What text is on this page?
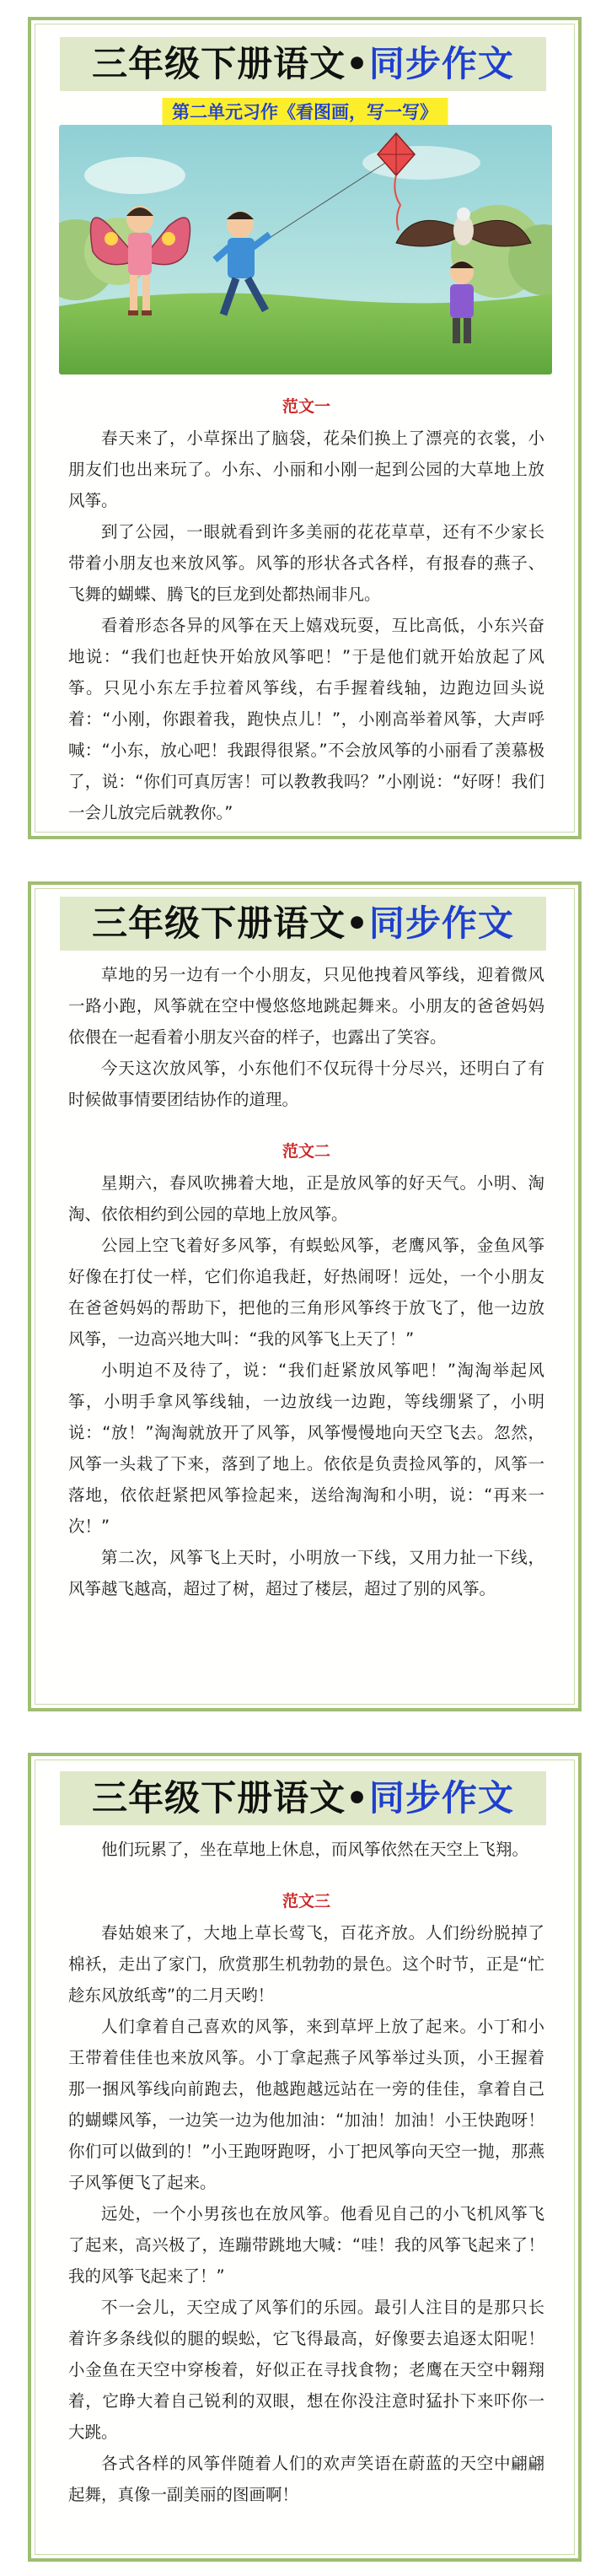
三年级下册语文•同步作文
第二单元习作《看图画，写一写》

范文一

春天来了，小草探出了脑袋，花朵们换上了漂亮的衣裳，小朋友们也出来玩了。小东、小丽和小刚一起到公园的大草地上放风筝。

到了公园，一眼就看到许多美丽的花花草草，还有不少家长带着小朋友也来放风筝。风筝的形状各式各样，有报春的燕子、飞舞的蝴蝶、腾飞的巨龙到处都热闹非凡。

看着形态各异的风筝在天上嬉戏玩耍，互比高低，小东兴奋地说：“我们也赶快开始放风筝吧！”于是他们就开始放起了风筝。只见小东左手拉着风筝线，右手握着线轴，边跑边回头说着：“小刚，你跟着我，跑快点儿！”，小刚高举着风筝，大声呼喊：“小东，放心吧！我跟得很紧。”不会放风筝的小丽看了羡慕极了，说：“你们可真厉害！可以教教我吗？”小刚说：“好呀！我们一会儿放完后就教你。”

三年级下册语文•同步作文

草地的另一边有一个小朋友，只见他拽着风筝线，迎着微风一路小跑，风筝就在空中慢悠悠地跳起舞来。小朋友的爸爸妈妈依偎在一起看着小朋友兴奋的样子，也露出了笑容。

今天这次放风筝，小东他们不仅玩得十分尽兴，还明白了有时候做事情要团结协作的道理。

范文二

星期六，春风吹拂着大地，正是放风筝的好天气。小明、淘淘、依依相约到公园的草地上放风筝。

公园上空飞着好多风筝，有蜈蚣风筝，老鹰风筝，金鱼风筝好像在打仗一样，它们你追我赶，好热闹呀！远处，一个小朋友在爸爸妈妈的帮助下，把他的三角形风筝终于放飞了，他一边放风筝，一边高兴地大叫：“我的风筝飞上天了！”

小明迫不及待了，说：“我们赶紧放风筝吧！”淘淘举起风筝，小明手拿风筝线轴，一边放线一边跑，等线绷紧了，小明说：“放！”淘淘就放开了风筝，风筝慢慢地向天空飞去。忽然，风筝一头栽了下来，落到了地上。依依是负责捡风筝的，风筝一落地，依依赶紧把风筝捡起来，送给淘淘和小明，说：“再来一次！”

第二次，风筝飞上天时，小明放一下线，又用力扯一下线，风筝越飞越高，超过了树，超过了楼层，超过了别的风筝。

三年级下册语文•同步作文

他们玩累了，坐在草地上休息，而风筝依然在天空上飞翔。

范文三

春姑娘来了，大地上草长莺飞，百花齐放。人们纷纷脱掉了棉袄，走出了家门，欣赏那生机勃勃的景色。这个时节，正是“忙趁东风放纸鸢”的二月天哟！

人们拿着自己喜欢的风筝，来到草坪上放了起来。小丁和小王带着佳佳也来放风筝。小丁拿起燕子风筝举过头顶，小王握着那一捆风筝线向前跑去，他越跑越远站在一旁的佳佳，拿着自己的蝴蝶风筝，一边笑一边为他加油：“加油！加油！小王快跑呀！你们可以做到的！”小王跑呀跑呀，小丁把风筝向天空一抛，那燕子风筝便飞了起来。

远处，一个小男孩也在放风筝。他看见自己的小飞机风筝飞了起来，高兴极了，连蹦带跳地大喊：“哇！我的风筝飞起来了！我的风筝飞起来了！”

不一会儿，天空成了风筝们的乐园。最引人注目的是那只长着许多条线似的腿的蜈蚣，它飞得最高，好像要去追逐太阳呢！小金鱼在天空中穿梭着，好似正在寻找食物；老鹰在天空中翱翔着，它睁大着自己锐利的双眼，想在你没注意时猛扑下来吓你一大跳。

各式各样的风筝伴随着人们的欢声笑语在蔚蓝的天空中翩翩起舞，真像一副美丽的图画啊！
